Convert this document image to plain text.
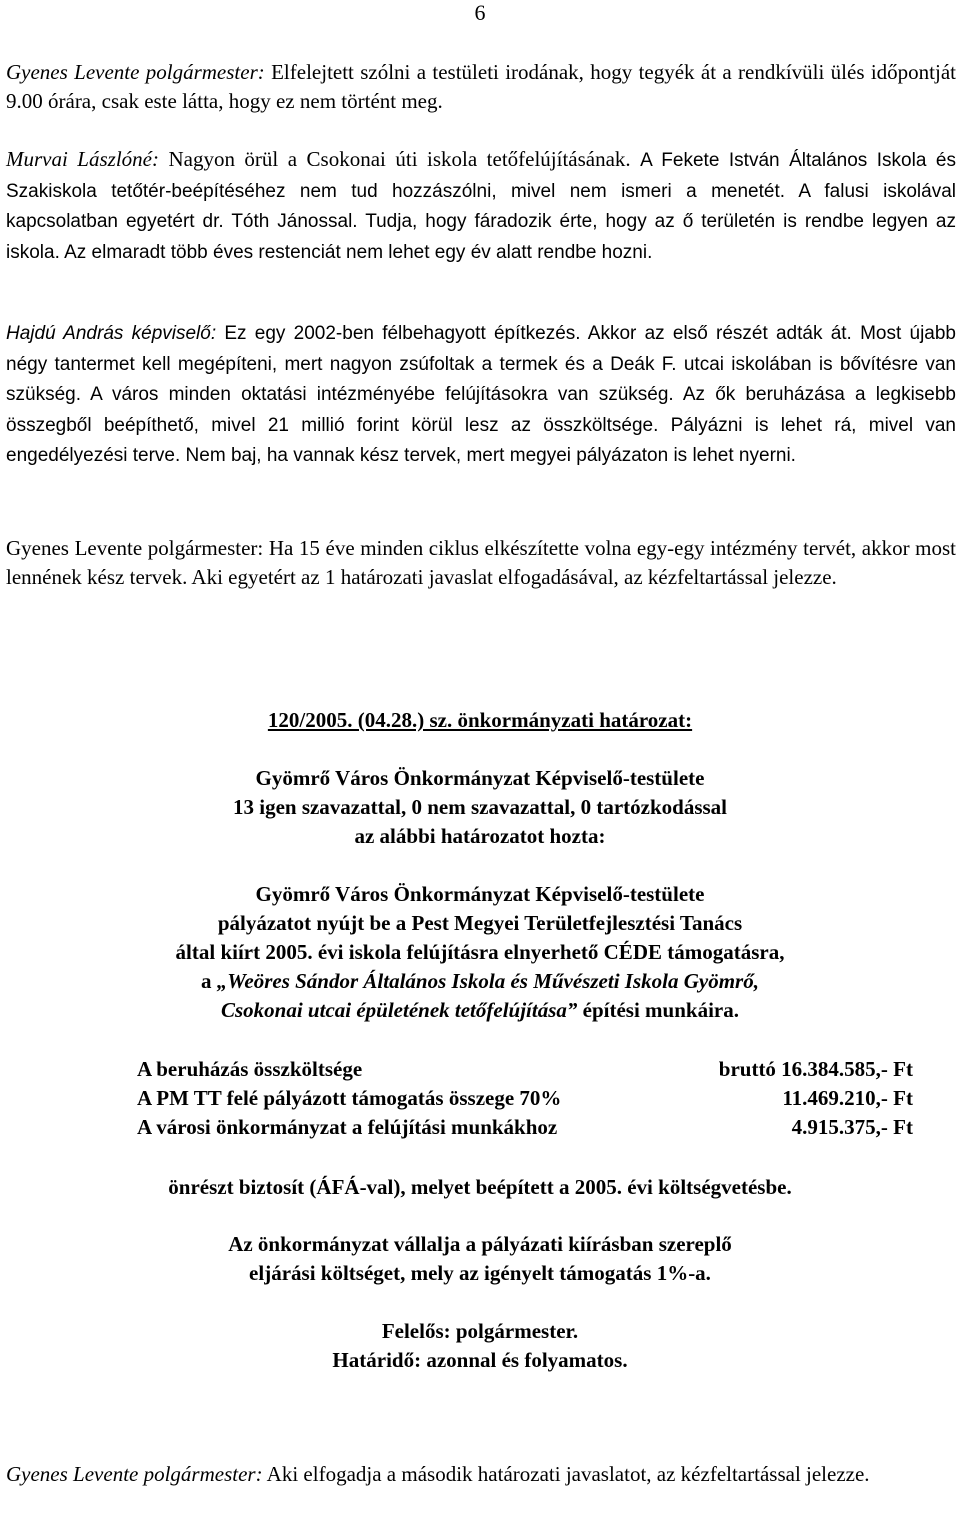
6

Gyenes Levente polgármester: Elfelejtett szólni a testületi irodának, hogy tegyék át a rendkívüli ülés időpontját 9.00 órára, csak este látta, hogy ez nem történt meg.

Murvai Lászlóné: Nagyon örül a Csokonai úti iskola tetőfelújításának. A Fekete István Általános Iskola és Szakiskola tetőtér-beépítéséhez nem tud hozzászólni, mivel nem ismeri a menetét. A falusi iskolával kapcsolatban egyetért dr. Tóth Jánossal. Tudja, hogy fáradozik érte, hogy az ő területén is rendbe legyen az iskola. Az elmaradt több éves restenciát nem lehet egy év alatt rendbe hozni.

Hajdú András képviselő: Ez egy 2002-ben félbehagyott építkezés. Akkor az első részét adták át. Most újabb négy tantermet kell megépíteni, mert nagyon zsúfoltak a termek és a Deák F. utcai iskolában is bővítésre van szükség. A város minden oktatási intézményébe felújításokra van szükség. Az ők beruházása a legkisebb összegből beépíthető, mivel 21 millió forint körül lesz az összköltsége. Pályázni is lehet rá, mivel van engedélyezési terve. Nem baj, ha vannak kész tervek, mert megyei pályázaton is lehet nyerni.

Gyenes Levente polgármester: Ha 15 éve minden ciklus elkészítette volna egy-egy intézmény tervét, akkor most lennének kész tervek. Aki egyetért az 1 határozati javaslat elfogadásával, az kézfeltartással jelezze.

120/2005. (04.28.) sz. önkormányzati határozat:
Gyömrő Város Önkormányzat Képviselő-testülete
13 igen szavazattal, 0 nem szavazattal, 0 tartózkodással
az alábbi határozatot hozta:
Gyömrő Város Önkormányzat Képviselő-testülete
pályázatot nyújt be a Pest Megyei Területfejlesztési Tanács
által kiírt 2005. évi iskola felújításra elnyerhető CÉDE támogatásra,
a „Weöres Sándor Általános Iskola és Művészeti Iskola Gyömrő,
Csokonai utcai épületének tetőfelújítása” építési munkáira.
A beruházás összköltsége	bruttó 16.384.585,- Ft
A PM TT felé pályázott támogatás összege 70%	11.469.210,- Ft
A városi önkormányzat a felújítási munkákhoz	4.915.375,- Ft
önrészt biztosít (ÁFÁ-val), melyet beépített a 2005. évi költségvetésbe.
Az önkormányzat vállalja a pályázati kiírásban szereplő
eljárási költséget, mely az igényelt támogatás 1%-a.
Felelős: polgármester.
Határidő: azonnal és folyamatos.

Gyenes Levente polgármester: Aki elfogadja a második határozati javaslatot, az kézfeltartással jelezze.
